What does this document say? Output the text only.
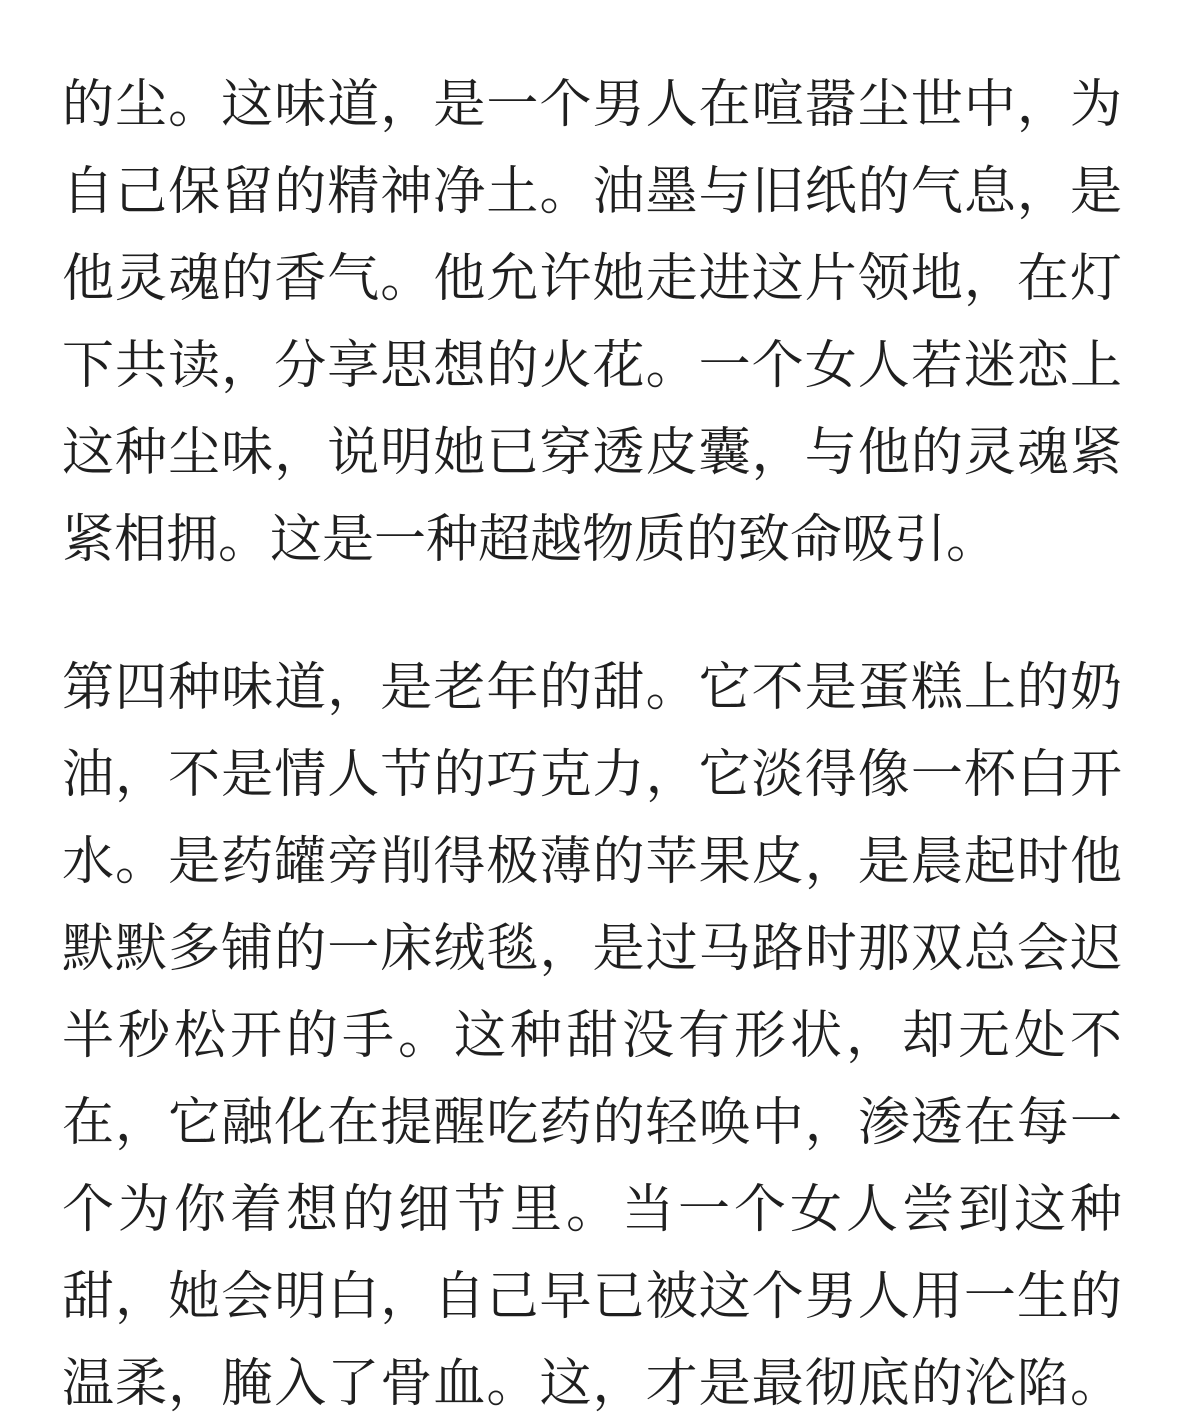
的尘。这味道，是一个男人在喧嚣尘世中，为
自己保留的精神净土。油墨与旧纸的气息，是
他灵魂的香气。他允许她走进这片领地，在灯
下共读，分享思想的火花。一个女人若迷恋上
这种尘味，说明她已穿透皮囊，与他的灵魂紧
紧相拥。这是一种超越物质的致命吸引。
第四种味道，是老年的甜。它不是蛋糕上的奶
油，不是情人节的巧克力，它淡得像一杯白开
水。是药罐旁削得极薄的苹果皮，是晨起时他
默默多铺的一床绒毯，是过马路时那双总会迟
半秒松开的手。这种甜没有形状，却无处不
在，它融化在提醒吃药的轻唤中，渗透在每一
个为你着想的细节里。当一个女人尝到这种
甜，她会明白，自己早已被这个男人用一生的
温柔，腌入了骨血。这，才是最彻底的沦陷。
